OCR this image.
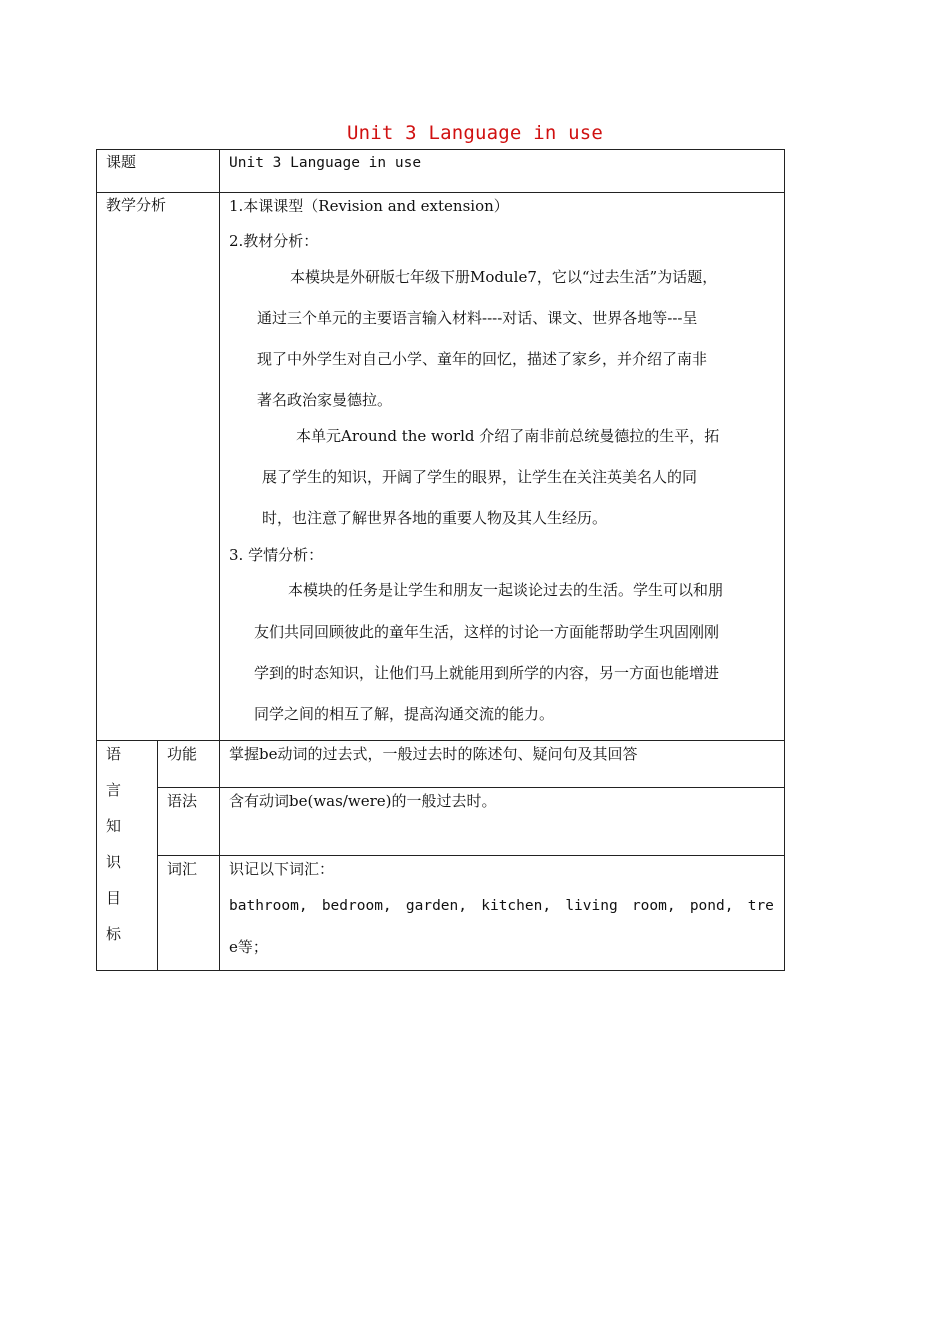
Unit 3 Language in use
课题	Unit 3 Language in use
教学分析	1.本课课型（Revision and extension）
2.教材分析：
本模块是外研版七年级下册Module7，它以“过去生活”为话题，
通过三个单元的主要语言输入材料----对话、课文、世界各地等---呈
现了中外学生对自己小学、童年的回忆，描述了家乡，并介绍了南非
著名政治家曼德拉。
本单元Around the world 介绍了南非前总统曼德拉的生平，拓
展了学生的知识，开阔了学生的眼界，让学生在关注英美名人的同
时，也注意了解世界各地的重要人物及其人生经历。
3. 学情分析：
本模块的任务是让学生和朋友一起谈论过去的生活。学生可以和朋
友们共同回顾彼此的童年生活，这样的讨论一方面能帮助学生巩固刚刚
学到的时态知识，让他们马上就能用到所学的内容，另一方面也能增进
同学之间的相互了解，提高沟通交流的能力。
语
言
知
识
目
标
功能 掌握be动词的过去式，一般过去时的陈述句、疑问句及其回答
语法 含有动词be(was/were)的一般过去时。
词汇 识记以下词汇：
bathroom, bedroom, garden, kitchen, living room, pond, tre
e等；
